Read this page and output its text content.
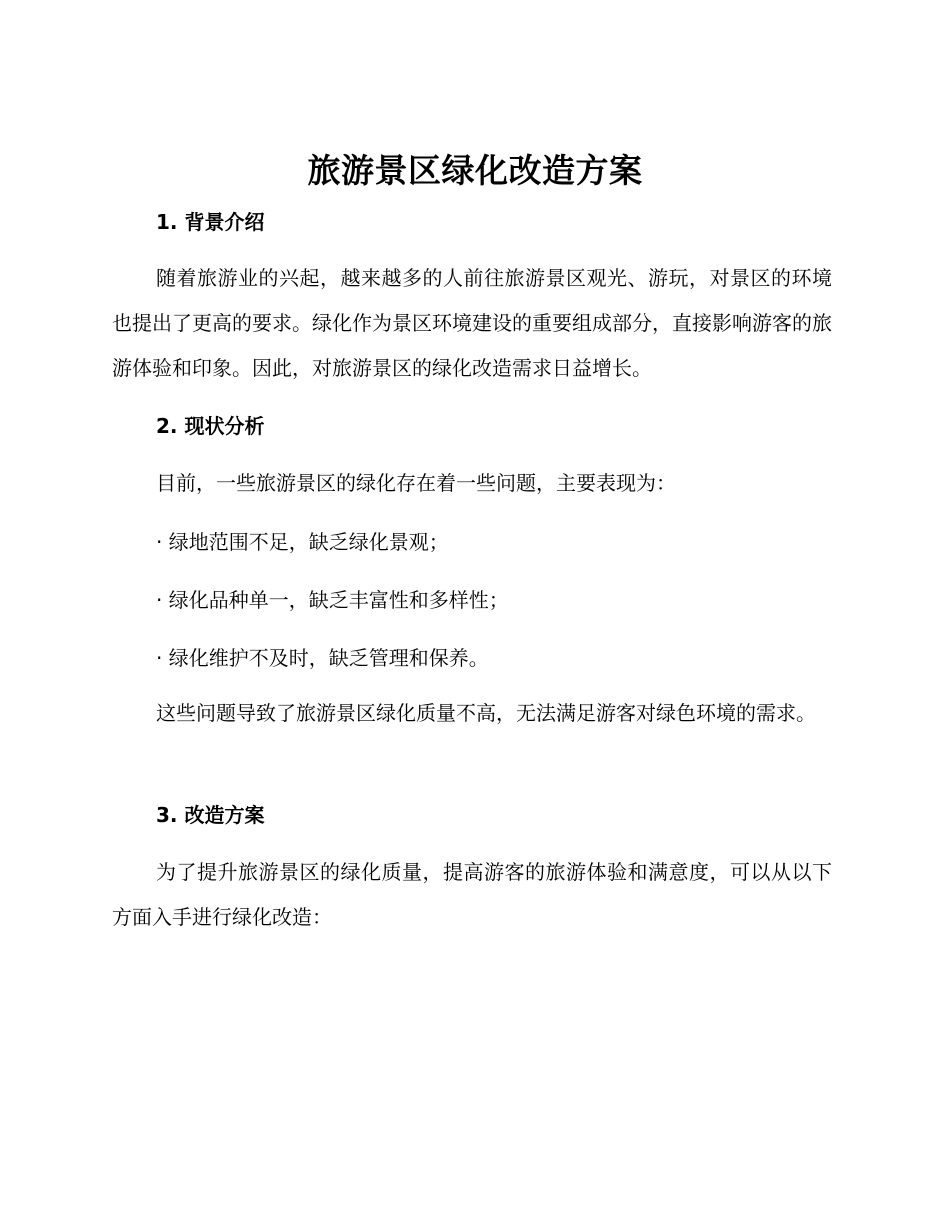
旅游景区绿化改造方案
1. 背景介绍

随着旅游业的兴起，越来越多的人前往旅游景区观光、游玩，对景区的环境也提出了更高的要求。绿化作为景区环境建设的重要组成部分，直接影响游客的旅游体验和印象。因此，对旅游景区的绿化改造需求日益增长。

2. 现状分析

目前，一些旅游景区的绿化存在着一些问题，主要表现为：

· 绿地范围不足，缺乏绿化景观；
· 绿化品种单一，缺乏丰富性和多样性；
· 绿化维护不及时，缺乏管理和保养。

这些问题导致了旅游景区绿化质量不高，无法满足游客对绿色环境的需求。

3. 改造方案

为了提升旅游景区的绿化质量，提高游客的旅游体验和满意度，可以从以下方面入手进行绿化改造：
